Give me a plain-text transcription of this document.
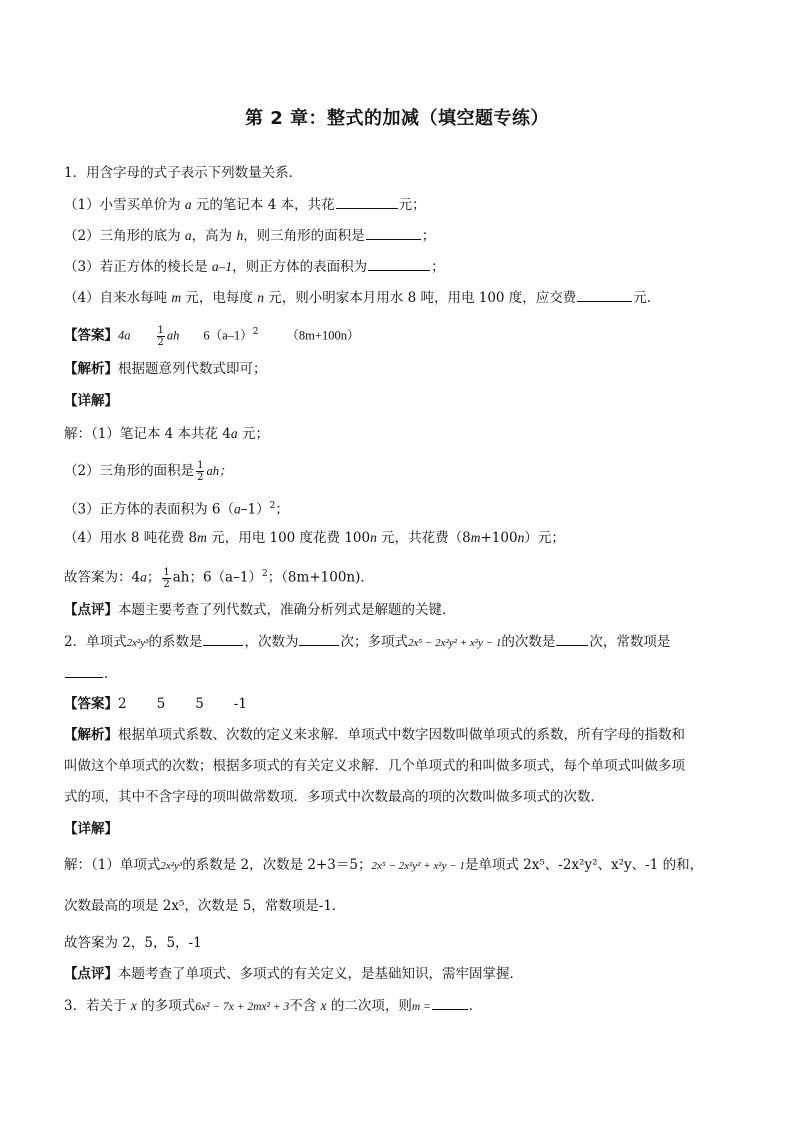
第 2 章：整式的加减（填空题专练）
1．用含字母的式子表示下列数量关系．
（1）小雪买单价为 a 元的笔记本 4 本，共花	元；
（2）三角形的底为 a，高为 h，则三角形的面积是	；
（3）若正方体的棱长是 a–1，则正方体的表面积为	；
（4）自来水每吨 m 元，电每度 n 元，则小明家本月用水 8 吨，用电 100 度，应交费	元．
【答案】4a	$\frac{1}{2}$ ah $6(a-1)^2$ （8m+100n）
【解析】根据题意列代数式即可；
【详解】
解：（1）笔记本 4 本共花 4a 元；
（2）三角形的面积是 $\frac{1}{2}$ ah；
（3）正方体的表面积为 $6(a-1)^2$；
（4）用水 8 吨花费 8m 元，用电 100 度花费 100n 元，共花费（8m+100n）元；
故答案为：4a； $\frac{1}{2}$ ah；$6(a-1)^2$；（8m+100n)．
【点评】本题主要考查了列代数式，准确分析列式是解题的关键．
2．单项式2x²y³的系数是	，次数为	次；多项式2x⁵ − 2x²y² + x²y − 1的次数是	次，常数项是
．
【答案】2 5 5 -1
【解析】根据单项式系数、次数的定义来求解．单项式中数字因数叫做单项式的系数，所有字母的指数和
叫做这个单项式的次数；根据多项式的有关定义求解．几个单项式的和叫做多项式，每个单项式叫做多项
式的项，其中不含字母的项叫做常数项．多项式中次数最高的项的次数叫做多项式的次数．
【详解】
解：（1）单项式2x²y³的系数是 2，次数是 2+3＝5；2x⁵ − 2x²y² + x²y − 1是单项式 2x⁵、-2x²y²、x²y、-1 的和，
次数最高的项是 2x⁵，次数是 5，常数项是-1．
故答案为 2，5，5，-1
【点评】本题考查了单项式、多项式的有关定义，是基础知识，需牢固掌握．
3．若关于 x 的多项式6x² − 7x + 2mx² + 3不含 x 的二次项，则m =	．
